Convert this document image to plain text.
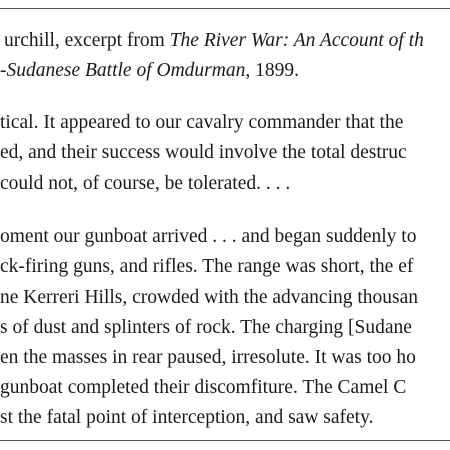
urchill, excerpt from The River War: An Account of th
-Sudanese Battle of Omdurman, 1899.
tical. It appeared to our cavalry commander that the
ed, and their success would involve the total destruc
could not, of course, be tolerated. . . .
oment our gunboat arrived . . . and began suddenly to
ck-firing guns, and rifles. The range was short, the ef
ne Kerreri Hills, crowded with the advancing thousan
s of dust and splinters of rock. The charging [Sudane
en the masses in rear paused, irresolute. It was too ho
gunboat completed their discomfiture. The Camel C
st the fatal point of interception, and saw safety.
